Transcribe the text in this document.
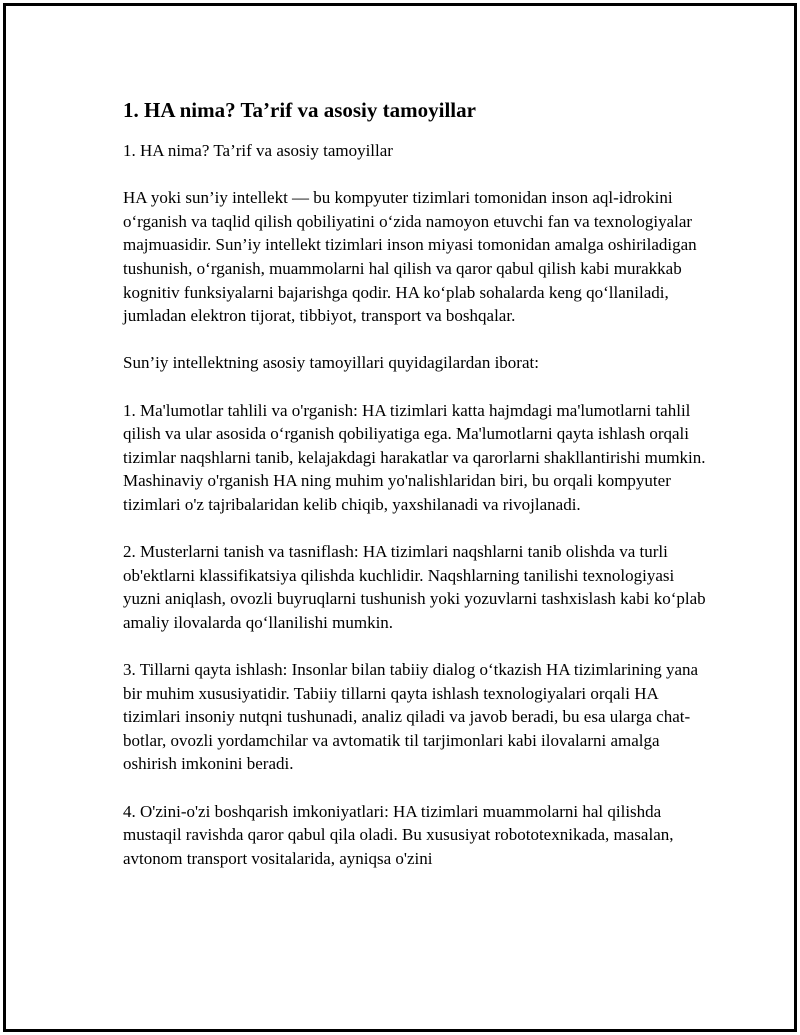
1. HA nima? Ta’rif va asosiy tamoyillar

1. HA nima? Ta’rif va asosiy tamoyillar

HA yoki sun’iy intellekt — bu kompyuter tizimlari tomonidan inson aql-idrokini o‘rganish va taqlid qilish qobiliyatini o‘zida namoyon etuvchi fan va texnologiyalar majmuasidir. Sun’iy intellekt tizimlari inson miyasi tomonidan amalga oshiriladigan tushunish, o‘rganish, muammolarni hal qilish va qaror qabul qilish kabi murakkab kognitiv funksiyalarni bajarishga qodir. HA ko‘plab sohalarda keng qo‘llaniladi, jumladan elektron tijorat, tibbiyot, transport va boshqalar.

Sun’iy intellektning asosiy tamoyillari quyidagilardan iborat:

1. Ma'lumotlar tahlili va o'rganish: HA tizimlari katta hajmdagi ma'lumotlarni tahlil qilish va ular asosida o‘rganish qobiliyatiga ega. Ma'lumotlarni qayta ishlash orqali tizimlar naqshlarni tanib, kelajakdagi harakatlar va qarorlarni shakllantirishi mumkin. Mashinaviy o'rganish HA ning muhim yo'nalishlaridan biri, bu orqali kompyuter tizimlari o'z tajribalaridan kelib chiqib, yaxshilanadi va rivojlanadi.

2. Musterlarni tanish va tasniflash: HA tizimlari naqshlarni tanib olishda va turli ob'ektlarni klassifikatsiya qilishda kuchlidir. Naqshlarning tanilishi texnologiyasi yuzni aniqlash, ovozli buyruqlarni tushunish yoki yozuvlarni tashxislash kabi ko‘plab amaliy ilovalarda qo‘llanilishi mumkin.

3. Tillarni qayta ishlash: Insonlar bilan tabiiy dialog o‘tkazish HA tizimlarining yana bir muhim xususiyatidir. Tabiiy tillarni qayta ishlash texnologiyalari orqali HA tizimlari insoniy nutqni tushunadi, analiz qiladi va javob beradi, bu esa ularga chat-botlar, ovozli yordamchilar va avtomatik til tarjimonlari kabi ilovalarni amalga oshirish imkonini beradi.

4. O'zini-o'zi boshqarish imkoniyatlari: HA tizimlari muammolarni hal qilishda mustaqil ravishda qaror qabul qila oladi. Bu xususiyat robototexnikada, masalan, avtonom transport vositalarida, ayniqsa o'zini
